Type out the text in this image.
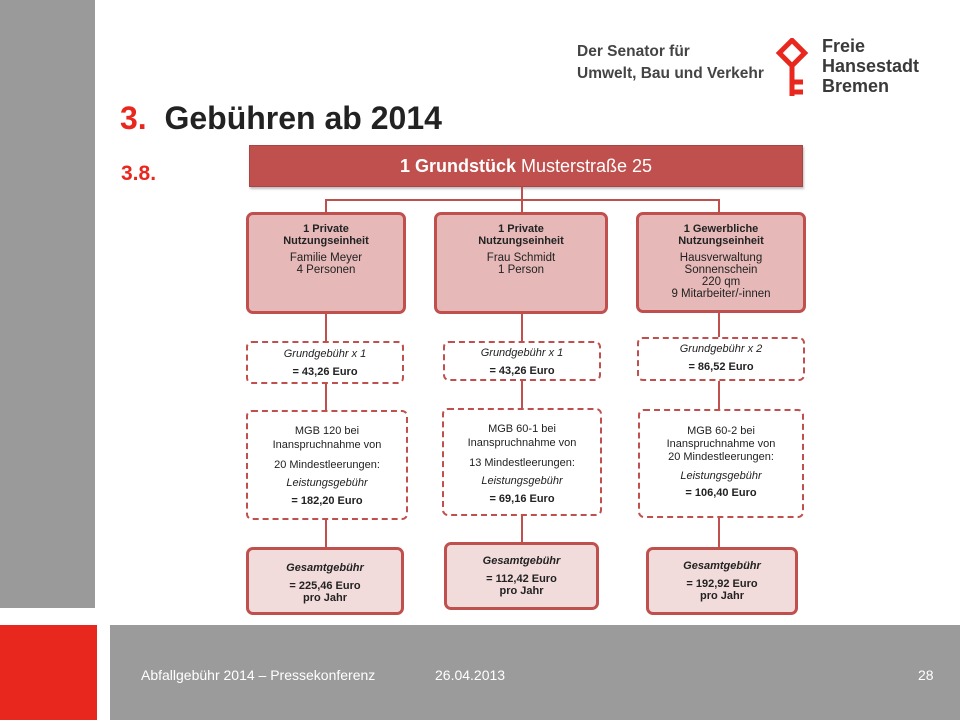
Der Senator für
Umwelt, Bau und Verkehr
Freie
Hansestadt
Bremen
3. Gebühren ab 2014
3.8.	1 Grundstück Musterstraße 25
1 Private
Nutzungseinheit
Familie Meyer
4 Personen
Grundgebühr x 1
= 43,26 Euro
MGB 120 bei
Inanspruchnahme von
20 Mindestleerungen:
Leistungsgebühr
= 182,20 Euro
Gesamtgebühr
= 225,46 Euro
pro Jahr
1 Private
Nutzungseinheit
Frau Schmidt
1 Person
Grundgebühr x 1
= 43,26 Euro
MGB 60-1 bei
Inanspruchnahme von
13 Mindestleerungen:
Leistungsgebühr
= 69,16 Euro
Gesamtgebühr
= 112,42 Euro
pro Jahr
1 Gewerbliche
Nutzungseinheit
Hausverwaltung
Sonnenschein
220 qm
9 Mitarbeiter/-innen
Grundgebühr x 2
= 86,52 Euro
MGB 60-2 bei
Inanspruchnahme von
20 Mindestleerungen:
Leistungsgebühr
= 106,40 Euro
Gesamtgebühr
= 192,92 Euro
pro Jahr
Abfallgebühr 2014 – Pressekonferenz	26.04.2013	28
